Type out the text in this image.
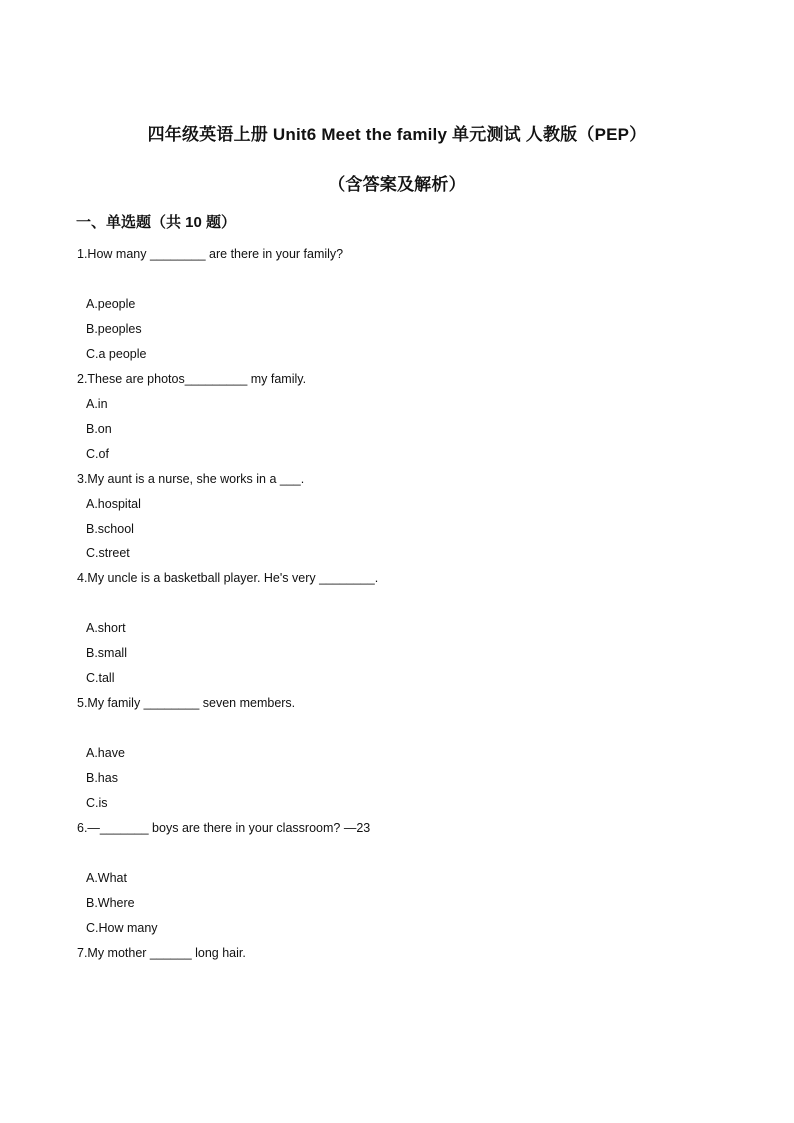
四年级英语上册 Unit6 Meet the family 单元测试 人教版（PEP）
（含答案及解析）
一、单选题（共 10 题）
1.How many ________ are there in your family?
A.people
B.peoples
C.a people
2.These are photos_________ my family.
A.in
B.on
C.of
3.My aunt is a nurse, she works in a ___.
A.hospital
B.school
C.street
4.My uncle is a basketball player. He's very ________.
A.short
B.small
C.tall
5.My family ________ seven members.
A.have
B.has
C.is
6.—_______ boys are there in your classroom? —23
A.What
B.Where
C.How many
7.My mother ______ long hair.
